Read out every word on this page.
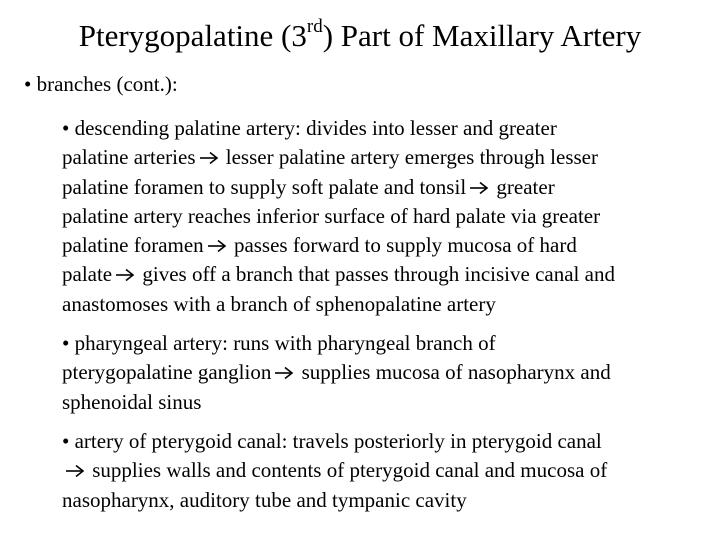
Pterygopalatine (3rd) Part of Maxillary Artery
• branches (cont.):
• descending palatine artery: divides into lesser and greater
palatine arteries
lesser palatine artery emerges through lesser
palatine foramen to supply soft palate and tonsil
greater
palatine artery reaches inferior surface of hard palate via greater
palatine foramen
passes forward to supply mucosa of hard
palate
gives off a branch that passes through incisive canal and
anastomoses with a branch of sphenopalatine artery
• pharyngeal artery: runs with pharyngeal branch of
pterygopalatine ganglion
supplies mucosa of nasopharynx and
sphenoidal sinus
• artery of pterygoid canal: travels posteriorly in pterygoid canal
supplies walls and contents of pterygoid canal and mucosa of
nasopharynx, auditory tube and tympanic cavity
